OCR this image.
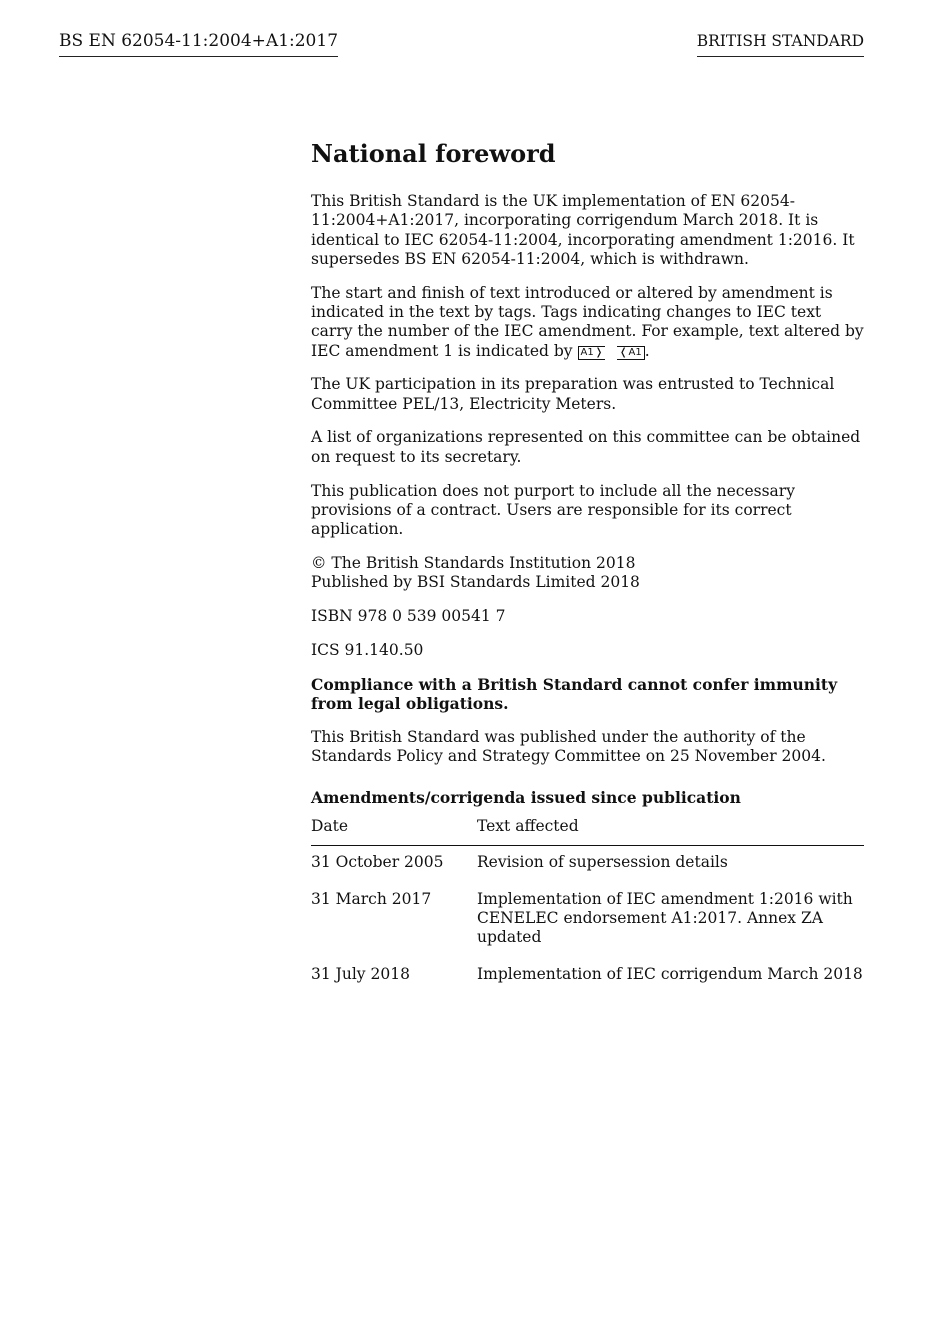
BS EN 62054-11:2004+A1:2017	BRITISH STANDARD
National foreword

This British Standard is the UK implementation of EN 62054-11:2004+A1:2017, incorporating corrigendum March 2018. It is identical to IEC 62054-11:2004, incorporating amendment 1:2016. It supersedes BS EN 62054-11:2004, which is withdrawn.

The start and finish of text introduced or altered by amendment is indicated in the text by tags. Tags indicating changes to IEC text carry the number of the IEC amendment. For example, text altered by IEC amendment 1 is indicated by A1 ❭	❬ A1 .

The UK participation in its preparation was entrusted to Technical Committee PEL/13, Electricity Meters.

A list of organizations represented on this committee can be obtained on request to its secretary.

This publication does not purport to include all the necessary provisions of a contract. Users are responsible for its correct application.

© The British Standards Institution 2018
Published by BSI Standards Limited 2018

ISBN 978 0 539 00541 7

ICS 91.140.50

Compliance with a British Standard cannot confer immunity from legal obligations.

This British Standard was published under the authority of the Standards Policy and Strategy Committee on 25 November 2004.

Amendments/corrigenda issued since publication
Date	Text affected
31 October 2005	Revision of supersession details
31 March 2017	Implementation of IEC amendment 1:2016 with CENELEC endorsement A1:2017. Annex ZA updated
31 July 2018	Implementation of IEC corrigendum March 2018
